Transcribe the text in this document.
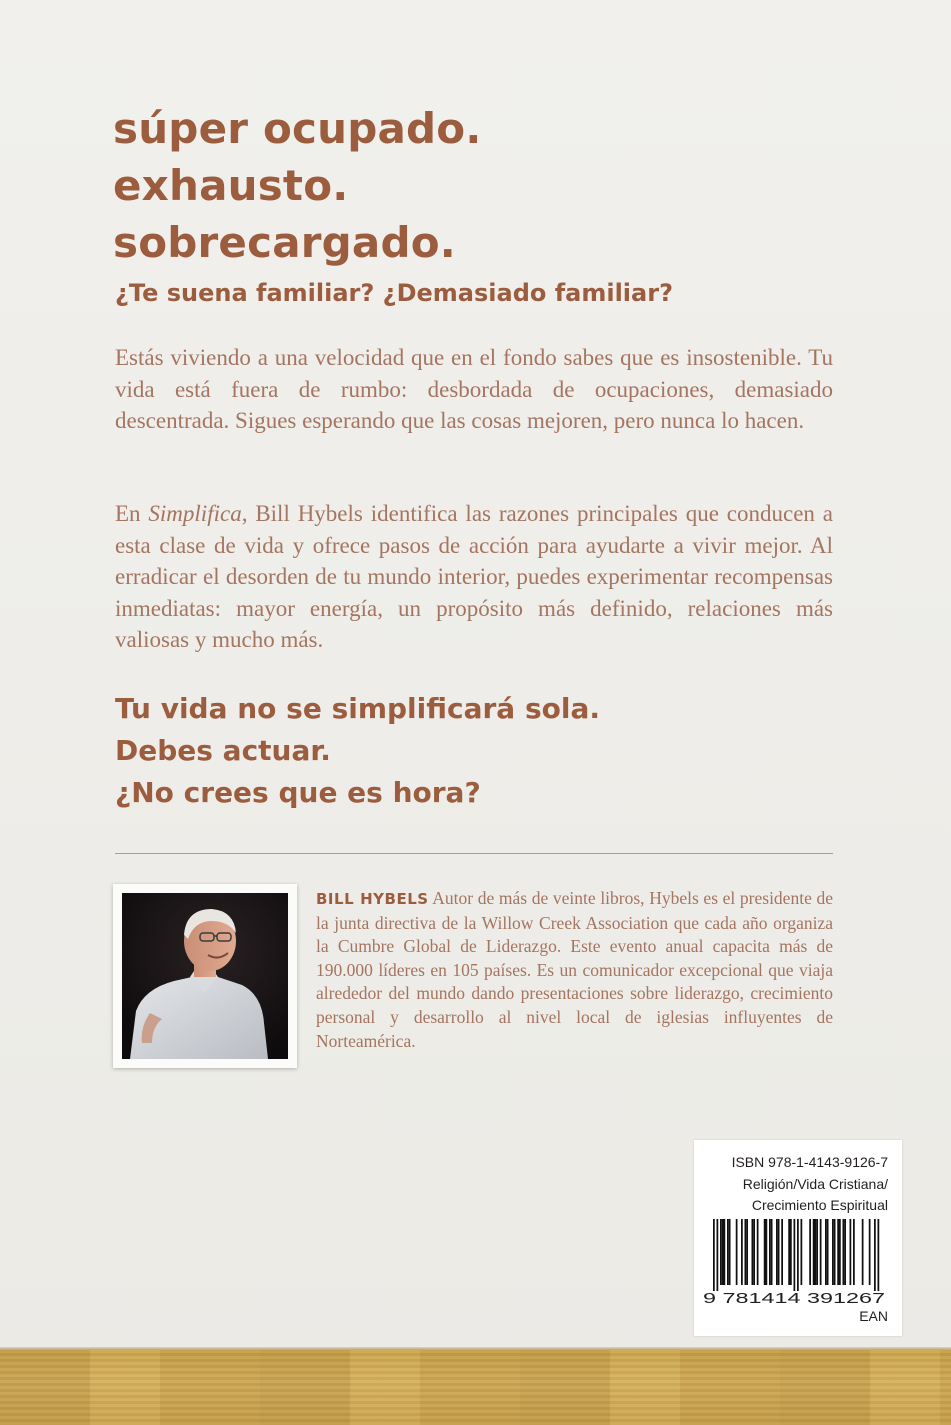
súper ocupado.
exhausto.
sobrecargado.
¿Te suena familiar? ¿Demasiado familiar?

Estás viviendo a una velocidad que en el fondo sabes que es insostenible. Tu vida está fuera de rumbo: desbordada de ocupaciones, demasiado descentrada. Sigues esperando que las cosas mejoren, pero nunca lo hacen.

En Simplifica, Bill Hybels identifica las razones principales que conducen a esta clase de vida y ofrece pasos de acción para ayudarte a vivir mejor. Al erradicar el desorden de tu mundo interior, puedes experimentar recompensas inmediatas: mayor energía, un propósito más definido, relaciones más valiosas y mucho más.

Tu vida no se simplificará sola.
Debes actuar.
¿No crees que es hora?

BILL HYBELS Autor de más de veinte libros, Hybels es el presidente de la junta directiva de la Willow Creek Association que cada año organiza la Cumbre Global de Liderazgo. Este evento anual capacita más de 190.000 líderes en 105 países. Es un comunicador excepcional que viaja alrededor del mundo dando presentaciones sobre liderazgo, crecimiento personal y desarrollo al nivel local de iglesias influyentes de Norteamérica.

ISBN 978-1-4143-9126-7
Religión/Vida Cristiana/
Crecimiento Espiritual

9 781414 391267

EAN
